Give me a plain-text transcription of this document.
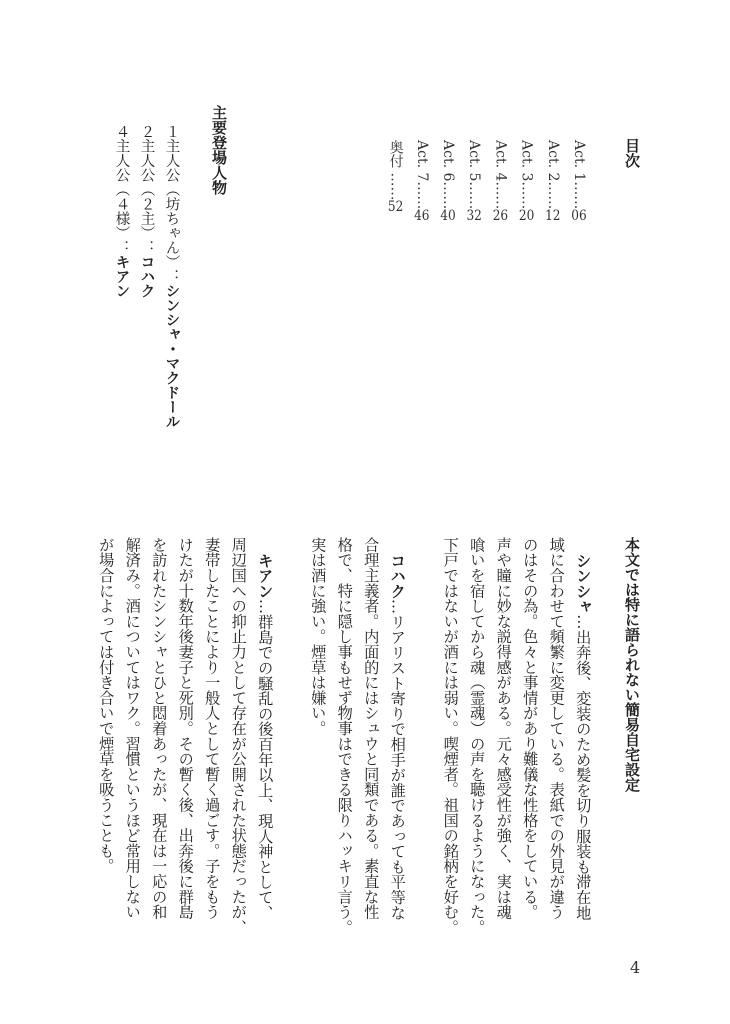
目次
Act. 1……06
Act. 2……12
Act. 3……20
Act. 4……26
Act. 5……32
Act. 6……40
Act. 7……46
奥付 ……52
主要登場人物
１主人公（坊ちゃん）：シンシャ・マクドール
２主人公（２主）：コハク
４主人公（４様）：キアン
本文では特に語られない簡易自宅設定
シンシャ…出奔後、変装のため髪を切り服装も滞在地
域に合わせて頻繁に変更している。表紙での外見が違う
のはその為。色々と事情があり難儀な性格をしている。
声や瞳に妙な説得感がある。元々感受性が強く、実は魂
喰いを宿してから魂（霊魂）の声を聴けるようになった。
下戸ではないが酒には弱い。喫煙者。祖国の銘柄を好む。
コハク…リアリスト寄りで相手が誰であっても平等な
合理主義者。内面的にはシュウと同類である。素直な性
格で、特に隠し事もせず物事はできる限りハッキリ言う。
実は酒に強い。煙草は嫌い。
キアン…群島での騒乱の後百年以上、現人神として、
周辺国への抑止力として存在が公開された状態だったが、
妻帯したことにより一般人として暫く過ごす。子をもう
けたが十数年後妻子と死別。その暫く後、出奔後に群島
を訪れたシンシャとひと悶着あったが、現在は一応の和
解済み。酒についてはワク。習慣というほど常用しない
が場合によっては付き合いで煙草を吸うことも。
4
